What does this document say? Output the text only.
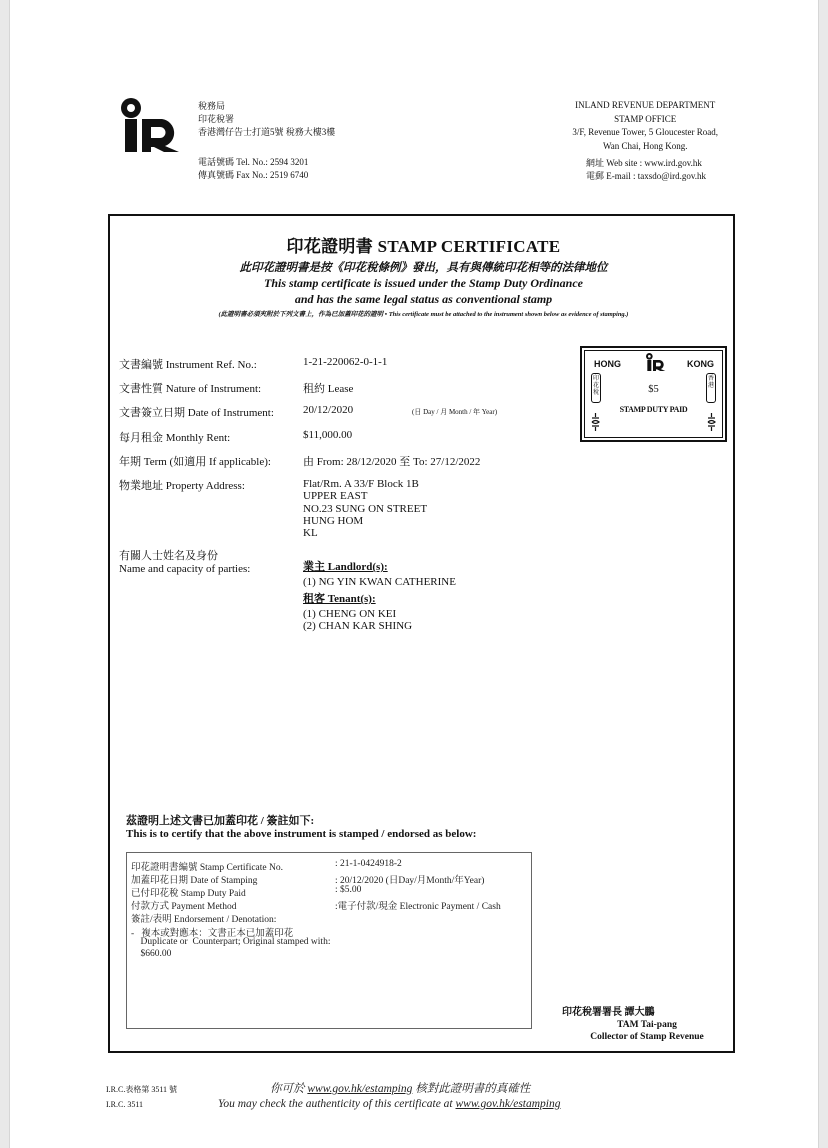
稅務局
印花稅署
香港灣仔告士打道5號 稅務大樓3樓
電話號碼 Tel. No.: 2594 3201
傳真號碼 Fax No.: 2519 6740
INLAND REVENUE DEPARTMENT
STAMP OFFICE
3/F, Revenue Tower, 5 Gloucester Road,
Wan Chai, Hong Kong.
網址 Web site : www.ird.gov.hk
電郵 E-mail : taxsdo@ird.gov.hk
印花證明書 STAMP CERTIFICATE
此印花證明書是按《印花稅條例》發出，具有與傳統印花相等的法律地位
This stamp certificate is issued under the Stamp Duty Ordinance
and has the same legal status as conventional stamp
(此證明書必須夾附於下列文書上，作為已加蓋印花的證明 • This certificate must be attached to the instrument shown below as evidence of stamping.)
HONG	KONG
印花稅
香港
$5
STAMP DUTY PAID
文書編號 Instrument Ref. No.:	1-21-220062-0-1-1
文書性質 Nature of Instrument:	租約 Lease
文書簽立日期 Date of Instrument:	20/12/2020	(日 Day / 月 Month / 年 Year)
每月租金 Monthly Rent:	$11,000.00
年期 Term (如適用 If applicable):	由 From: 28/12/2020 至 To: 27/12/2022
物業地址 Property Address:	Flat/Rm. A 33/F Block 1B
UPPER EAST
NO.23 SUNG ON STREET
HUNG HOM
KL
有關人士姓名及身份
Name and capacity of parties:	業主 Landlord(s):
(1) NG YIN KWAN CATHERINE
租客 Tenant(s):
(1) CHENG ON KEI
(2) CHAN KAR SHING
茲證明上述文書已加蓋印花 / 簽註如下:
This is to certify that the above instrument is stamped / endorsed as below:
印花證明書編號 Stamp Certificate No.	: 21-1-0424918-2
加蓋印花日期 Date of Stamping	: 20/12/2020 (日Day/月Month/年Year)
已付印花稅 Stamp Duty Paid	: $5.00
付款方式 Payment Method	:電子付款/現金 Electronic Payment / Cash
簽註/表明 Endorsement / Denotation:
-   複本或對應本：文書正本已加蓋印花
Duplicate or  Counterpart; Original stamped with:
$660.00
印花稅署署長 譚大鵬
TAM Tai-pang
Collector of Stamp Revenue
I.R.C.表格第 3511 號
I.R.C. 3511
你可於 www.gov.hk/estamping 核對此證明書的真確性
You may check the authenticity of this certificate at www.gov.hk/estamping
